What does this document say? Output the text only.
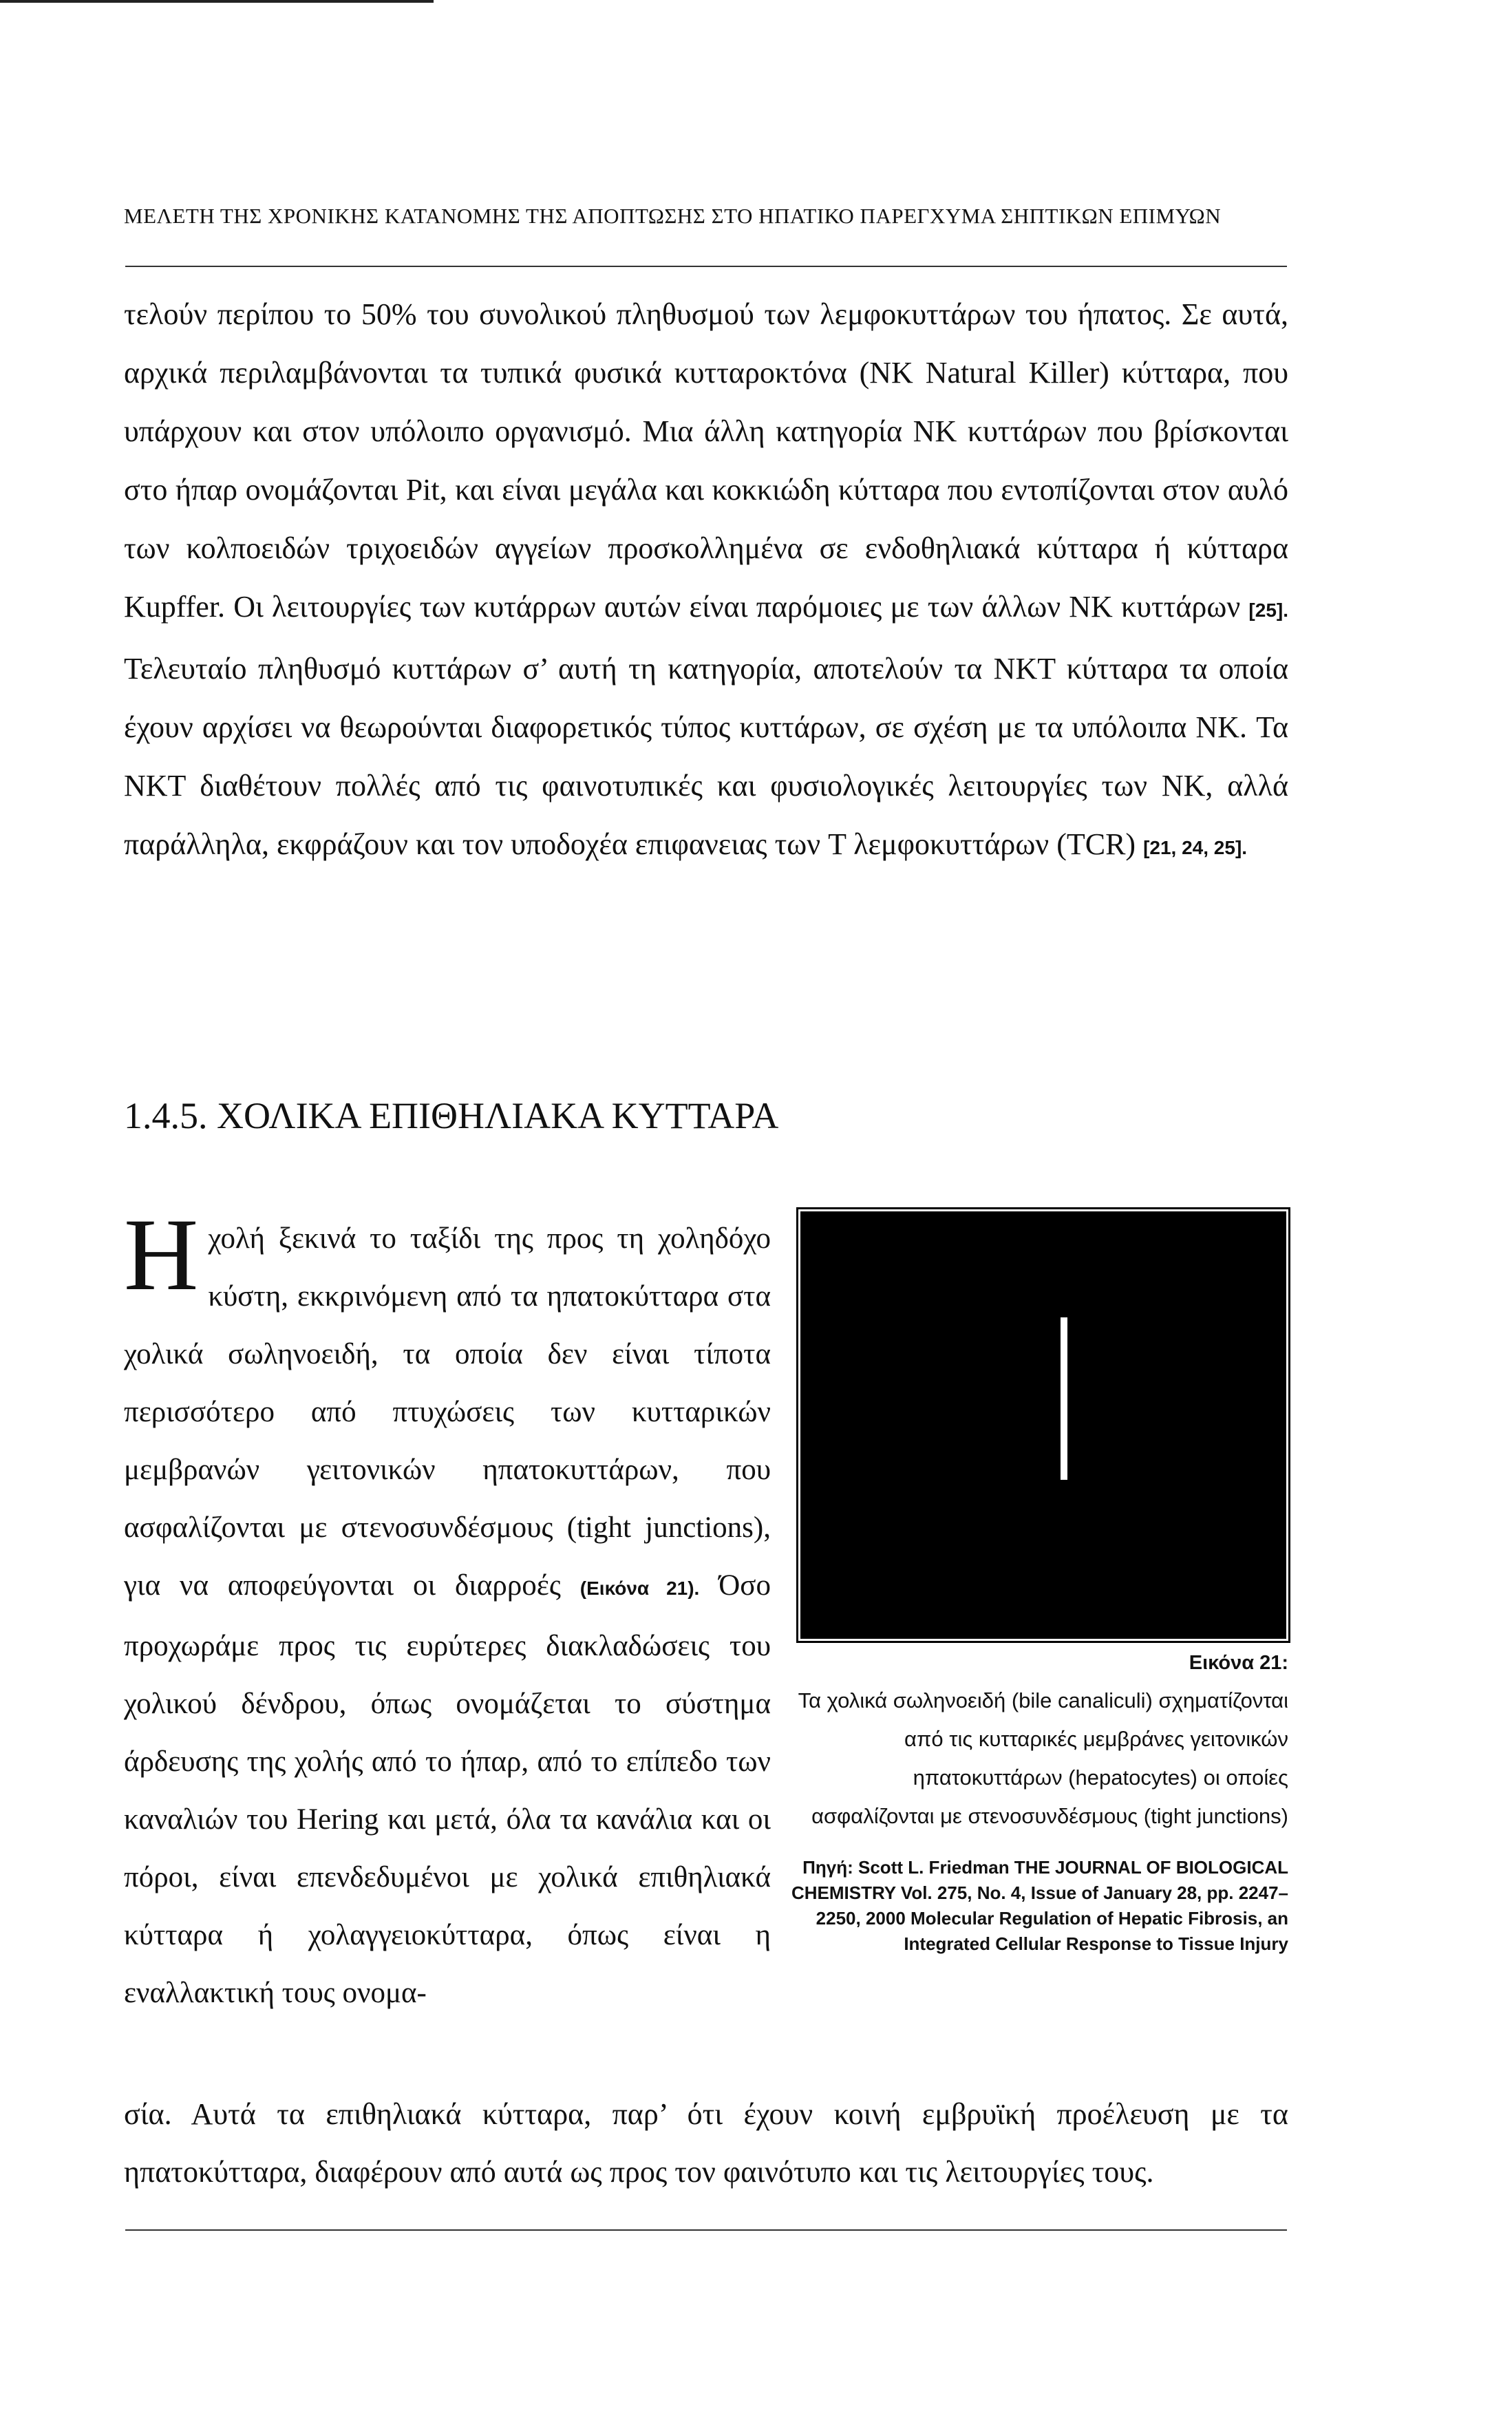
ΜΕΛΕΤΗ ΤΗΣ ΧΡΟΝΙΚΗΣ ΚΑΤΑΝΟΜΗΣ ΤΗΣ ΑΠΟΠΤΩΣΗΣ ΣΤΟ ΗΠΑΤΙΚΟ ΠΑΡΕΓΧΥΜΑ ΣΗΠΤΙΚΩΝ ΕΠΙΜΥΩΝ

τελούν περίπου το 50% του συνολικού πληθυσμού των λεμφοκυττάρων του ήπατος. Σε αυτά, αρχικά περιλαμβάνονται τα τυπικά φυσικά κυτταροκτόνα (NK Natural Killer) κύτταρα, που υπάρχουν και στον υπόλοιπο οργανισμό. Μια άλλη κατηγορία NK κυττάρων που βρίσκονται στο ήπαρ ονομάζονται Pit, και είναι μεγάλα και κοκκιώδη κύτταρα που εντοπίζονται στον αυλό των κολποειδών τριχοειδών αγγείων προσκολλημένα σε ενδοθηλιακά κύτταρα ή κύτταρα Kupffer. Οι λειτουργίες των κυτάρρων αυτών είναι παρόμοιες με των άλλων NK κυττάρων [25]. Τελευταίο πληθυσμό κυττάρων σ’ αυτή τη κατηγορία, αποτελούν τα NKT κύτταρα τα οποία έχουν αρχίσει να θεωρούνται διαφορετικός τύπος κυττάρων, σε σχέση με τα υπόλοιπα NK. Τα NKT διαθέτουν πολλές από τις φαινοτυπικές και φυσιολογικές λειτουργίες των NK, αλλά παράλληλα, εκφράζουν και τον υποδοχέα επιφανειας των T λεμφοκυττάρων (TCR) [21, 24, 25].

1.4.5. ΧΟΛΙΚΑ ΕΠΙΘΗΛΙΑΚΑ ΚΥΤΤΑΡΑ
Ηχολή ξεκινά το ταξίδι της προς τη χοληδόχο κύστη, εκκρινόμενη από τα ηπατοκύτταρα στα χολικά σωληνοειδή, τα οποία δεν είναι τίποτα περισσότερο από πτυχώσεις των κυτταρικών μεμβρανών γειτονικών ηπατοκυττάρων, που ασφαλίζονται με στενοσυνδέσμους (tight junctions), για να αποφεύγονται οι διαρροές (Εικόνα 21). Όσο προχωράμε προς τις ευρύτερες διακλαδώσεις του χολικού δένδρου, όπως ονομάζεται το σύστημα άρδευσης της χολής από το ήπαρ, από το επίπεδο των καναλιών του Hering και μετά, όλα τα κανάλια και οι πόροι, είναι επενδεδυμένοι με χολικά επιθηλιακά κύτταρα ή χολαγγειοκύτταρα, όπως είναι η εναλλακτική τους ονομα-
Εικόνα 21:
Τα χολικά σωληνοειδή (bile canaliculi) σχηματίζονται από τις κυτταρικές μεμβράνες γειτονικών ηπατοκυττάρων (hepatocytes) οι οποίες ασφαλίζονται με στενοσυνδέσμους (tight junctions)
Πηγή: Scott L. Friedman THE JOURNAL OF BIOLOGICAL CHEMISTRY Vol. 275, No. 4, Issue of January 28, pp. 2247–2250, 2000 Molecular Regulation of Hepatic Fibrosis, an Integrated Cellular Response to Tissue Injury

σία. Αυτά τα επιθηλιακά κύτταρα, παρ’ ότι έχουν κοινή εμβρυϊκή προέλευση με τα ηπατοκύτταρα, διαφέρουν από αυτά ως προς τον φαινότυπο και τις λειτουργίες τους.
